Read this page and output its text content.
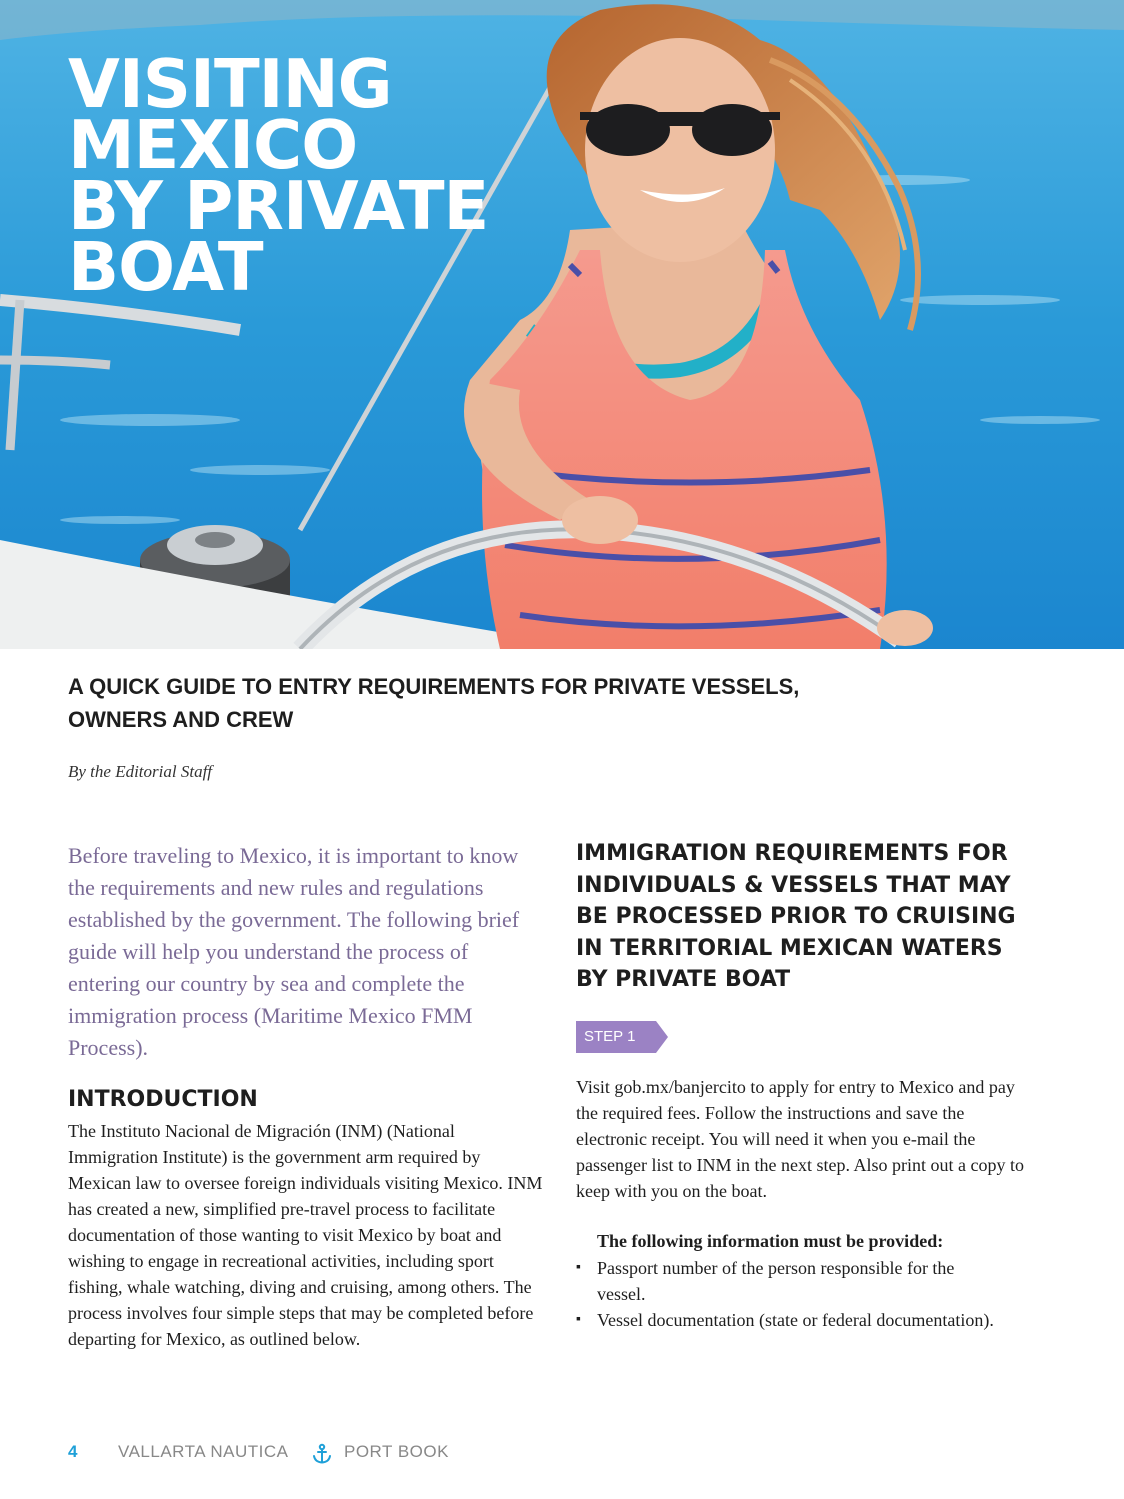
VISITING
MEXICO
BY PRIVATE
BOAT
A QUICK GUIDE TO ENTRY REQUIREMENTS FOR PRIVATE VESSELS,
OWNERS AND CREW

By the Editorial Staff

Before traveling to Mexico, it is important to know the requirements and new rules and regulations established by the government. The following brief guide will help you understand the process of entering our country by sea and complete the immigration process (Maritime Mexico FMM Process).

INTRODUCTION

The Instituto Nacional de Migración (INM) (National Immigration Institute) is the government arm required by Mexican law to oversee foreign individuals visiting Mexico. INM has created a new, simplified pre-travel process to facilitate documentation of those wanting to visit Mexico by boat and wishing to engage in recreational activities, including sport fishing, whale watching, diving and cruising, among others. The process involves four simple steps that may be completed before departing for Mexico, as outlined below.

IMMIGRATION REQUIREMENTS FOR INDIVIDUALS & VESSELS THAT MAY BE PROCESSED PRIOR TO CRUISING IN TERRITORIAL MEXICAN WATERS BY PRIVATE BOAT
STEP 1

Visit gob.mx/banjercito to apply for entry to Mexico and pay the required fees. Follow the instructions and save the electronic receipt. You will need it when you e-mail the passenger list to INM in the next step. Also print out a copy to keep with you on the boat.

The following information must be provided:

▪ Passport number of the person responsible for the vessel.
▪ Vessel documentation (state or federal documentation).
4 VALLARTA NAUTICA	PORT BOOK
